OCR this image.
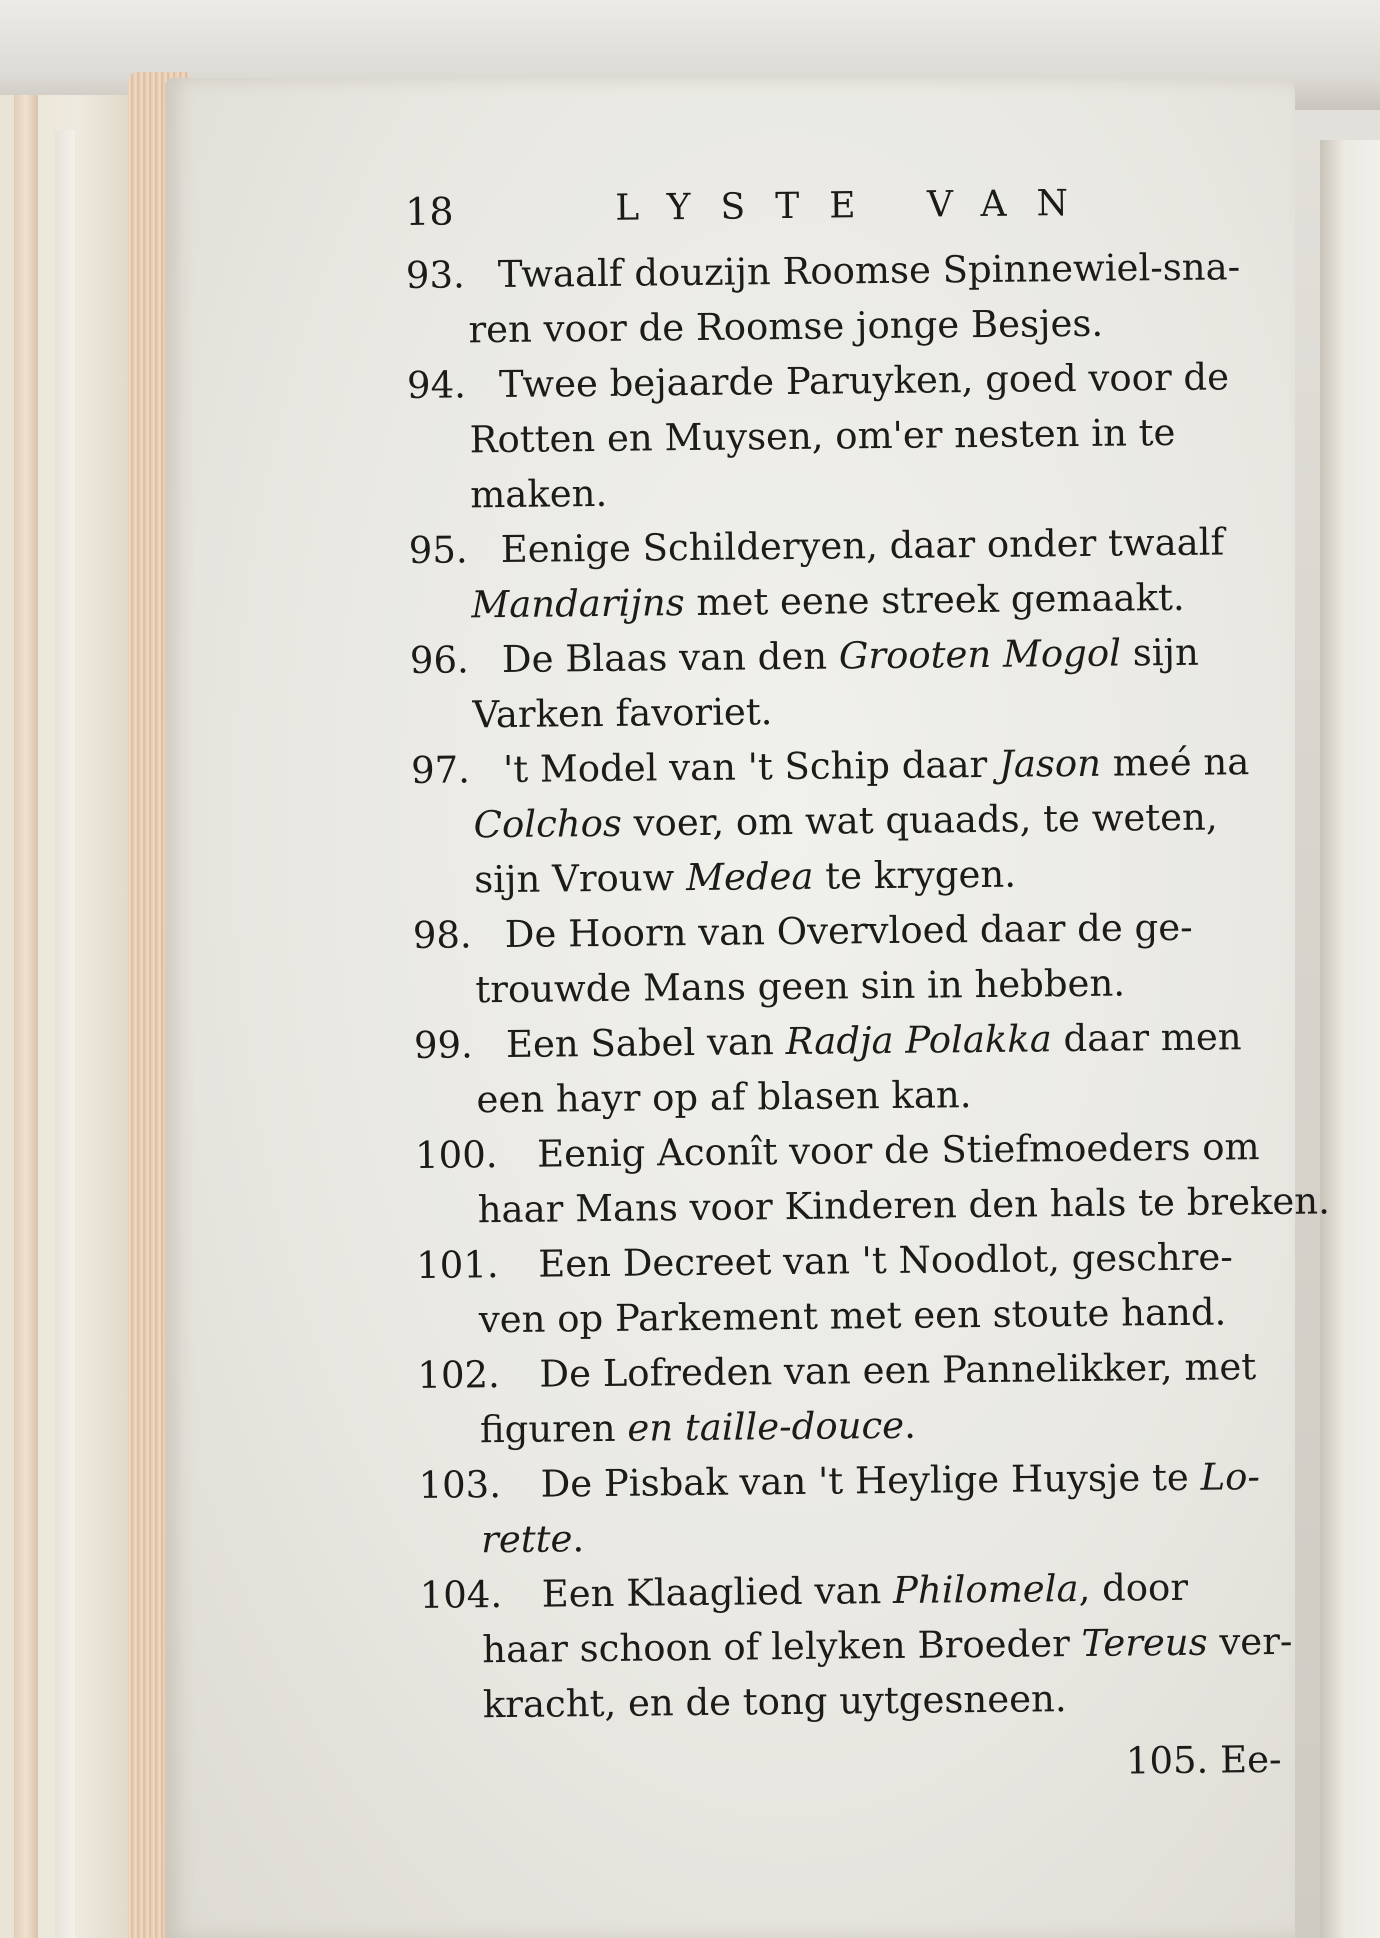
18	LYSTE VAN
93. Twaalf douzijn Roomse Spinnewiel-sna-
ren voor de Roomse jonge Besjes.
94. Twee bejaarde Paruyken, goed voor de
Rotten en Muysen, om'er nesten in te
maken.
95. Eenige Schilderyen, daar onder twaalf
Mandarijns met eene streek gemaakt.
96. De Blaas van den Grooten Mogol sijn
Varken favoriet.
97. 't Model van 't Schip daar Jason meé na
Colchos voer, om wat quaads, te weten,
sijn Vrouw Medea te krygen.
98. De Hoorn van Overvloed daar de ge-
trouwde Mans geen sin in hebben.
99. Een Sabel van Radja Polakka daar men
een hayr op af blasen kan.
100.	Eenig Aconît voor de Stiefmoeders om
haar Mans voor Kinderen den hals te breken.
101.	Een Decreet van 't Noodlot, geschre-
ven op Parkement met een stoute hand.
102.	De Lofreden van een Pannelikker, met
figuren en taille-douce.
103.	De Pisbak van 't Heylige Huysje te Lo-
rette.
104.	Een Klaaglied van Philomela, door
haar schoon of lelyken Broeder Tereus ver-
kracht, en de tong uytgesneen.
105. Ee-
